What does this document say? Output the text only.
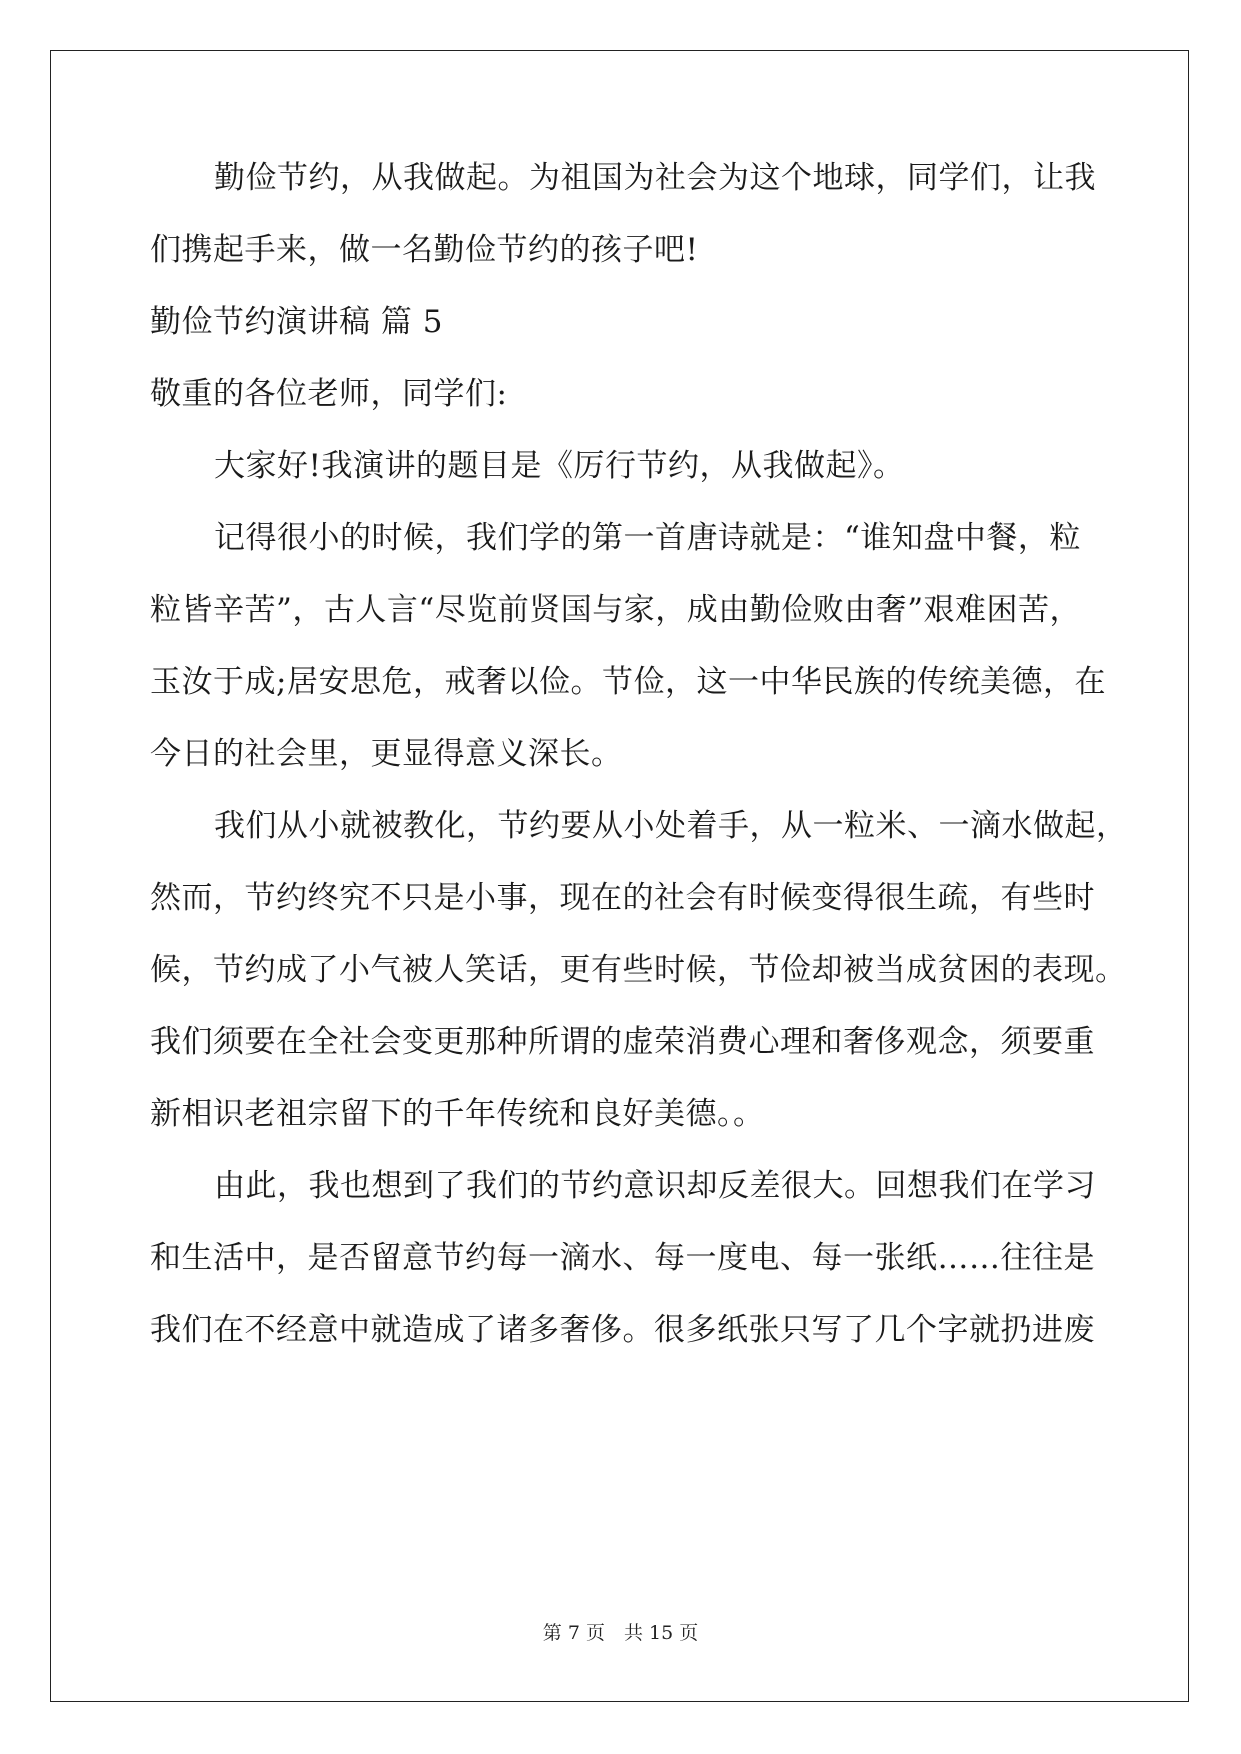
勤俭节约，从我做起。为祖国为社会为这个地球，同学们，让我
们携起手来，做一名勤俭节约的孩子吧!
勤俭节约演讲稿 篇 5
敬重的各位老师，同学们:
大家好!我演讲的题目是《厉行节约，从我做起》。
记得很小的时候，我们学的第一首唐诗就是：“谁知盘中餐，粒
粒皆辛苦”，古人言“尽览前贤国与家，成由勤俭败由奢”艰难困苦，
玉汝于成;居安思危，戒奢以俭。节俭，这一中华民族的传统美德，在
今日的社会里，更显得意义深长。
我们从小就被教化，节约要从小处着手，从一粒米、一滴水做起，
然而，节约终究不只是小事，现在的社会有时候变得很生疏，有些时
候，节约成了小气被人笑话，更有些时候，节俭却被当成贫困的表现。
我们须要在全社会变更那种所谓的虚荣消费心理和奢侈观念，须要重
新相识老祖宗留下的千年传统和良好美德。。
由此，我也想到了我们的节约意识却反差很大。回想我们在学习
和生活中，是否留意节约每一滴水、每一度电、每一张纸……往往是
我们在不经意中就造成了诸多奢侈。很多纸张只写了几个字就扔进废
第 7 页　共 15 页
